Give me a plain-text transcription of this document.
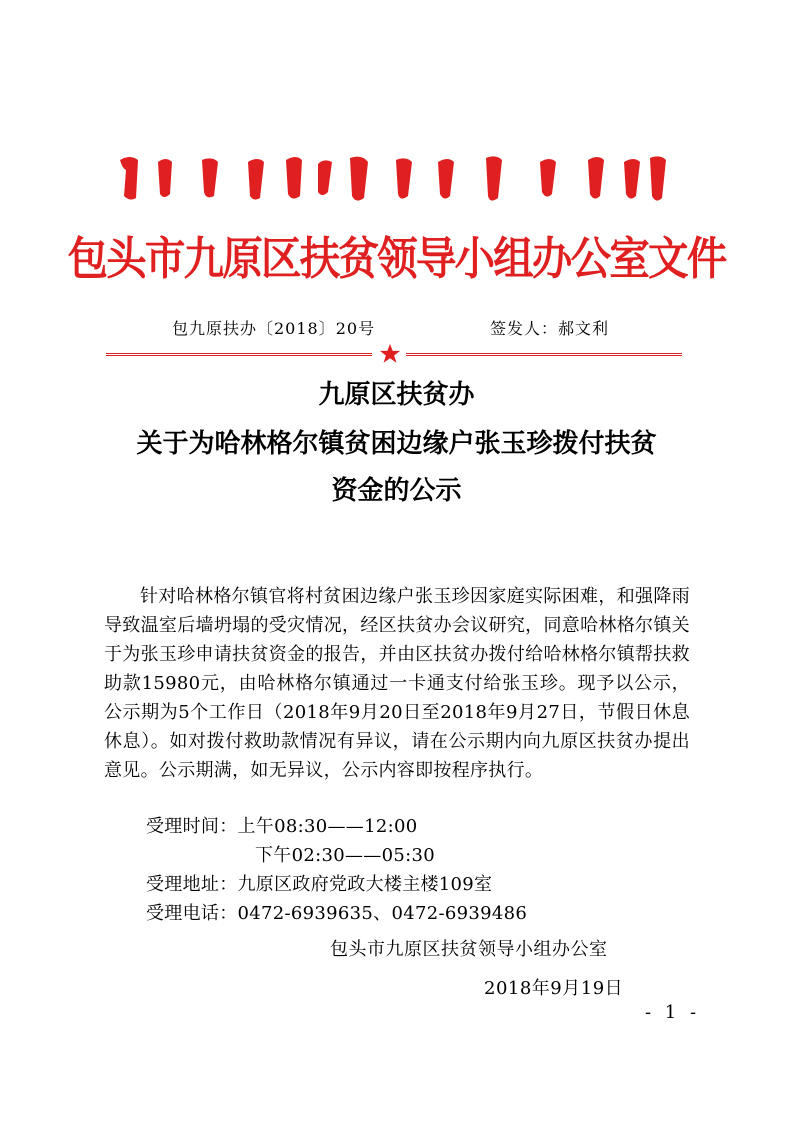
包头市九原区扶贫领导小组办公室文件
包九原扶办〔2018〕20号	签发人：郝文利
九原区扶贫办
关于为哈林格尔镇贫困边缘户张玉珍拨付扶贫
资金的公示

针对哈林格尔镇官将村贫困边缘户张玉珍因家庭实际困难，和强降雨导致温室后墙坍塌的受灾情况，经区扶贫办会议研究，同意哈林格尔镇关于为张玉珍申请扶贫资金的报告，并由区扶贫办拨付给哈林格尔镇帮扶救助款15980元，由哈林格尔镇通过一卡通支付给张玉珍。现予以公示，公示期为5个工作日（2018年9月20日至2018年9月27日，节假日休息休息）。如对拨付救助款情况有异议，请在公示期内向九原区扶贫办提出意见。公示期满，如无异议，公示内容即按程序执行。

受理时间：上午08:30——12:00
下午02:30——05:30
受理地址：九原区政府党政大楼主楼109室
受理电话：0472-6939635、0472-6939486
包头市九原区扶贫领导小组办公室
2018年9月19日
- 1 -
